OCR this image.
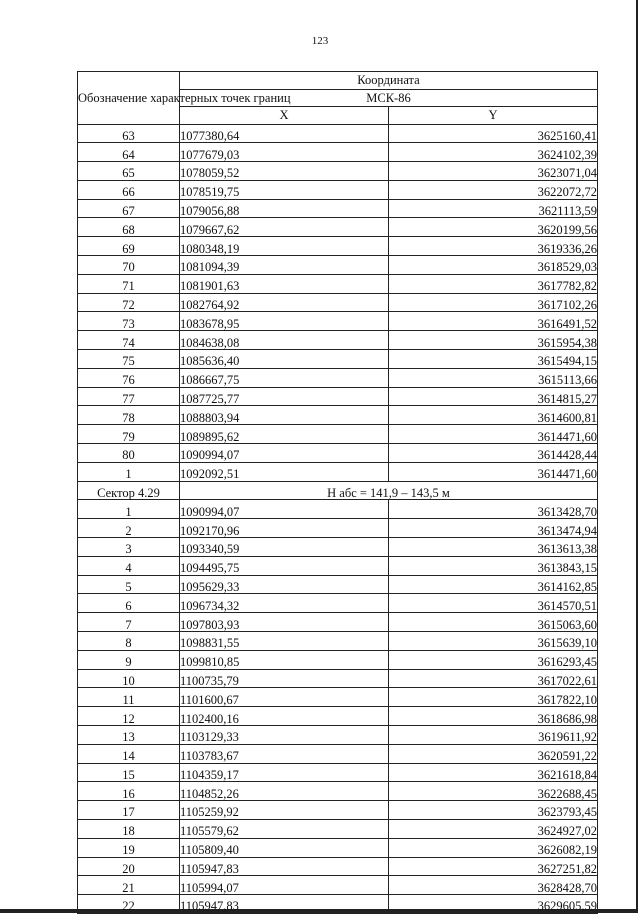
123
Обозначение характерных точек границ	Координата	
	МСК-86	
	X	Y
63	1077380,64	3625160,41
64	1077679,03	3624102,39
65	1078059,52	3623071,04
66	1078519,75	3622072,72
67	1079056,88	3621113,59
68	1079667,62	3620199,56
69	1080348,19	3619336,26
70	1081094,39	3618529,03
71	1081901,63	3617782,82
72	1082764,92	3617102,26
73	1083678,95	3616491,52
74	1084638,08	3615954,38
75	1085636,40	3615494,15
76	1086667,75	3615113,66
77	1087725,77	3614815,27
78	1088803,94	3614600,81
79	1089895,62	3614471,60
80	1090994,07	3614428,44
1	1092092,51	3614471,60
Сектор 4.29	Н абс = 141,9 – 143,5 м	
1	1090994,07	3613428,70
2	1092170,96	3613474,94
3	1093340,59	3613613,38
4	1094495,75	3613843,15
5	1095629,33	3614162,85
6	1096734,32	3614570,51
7	1097803,93	3615063,60
8	1098831,55	3615639,10
9	1099810,85	3616293,45
10	1100735,79	3617022,61
11	1101600,67	3617822,10
12	1102400,16	3618686,98
13	1103129,33	3619611,92
14	1103783,67	3620591,22
15	1104359,17	3621618,84
16	1104852,26	3622688,45
17	1105259,92	3623793,45
18	1105579,62	3624927,02
19	1105809,40	3626082,19
20	1105947,83	3627251,82
21	1105994,07	3628428,70
22	1105947,83	3629605,59
